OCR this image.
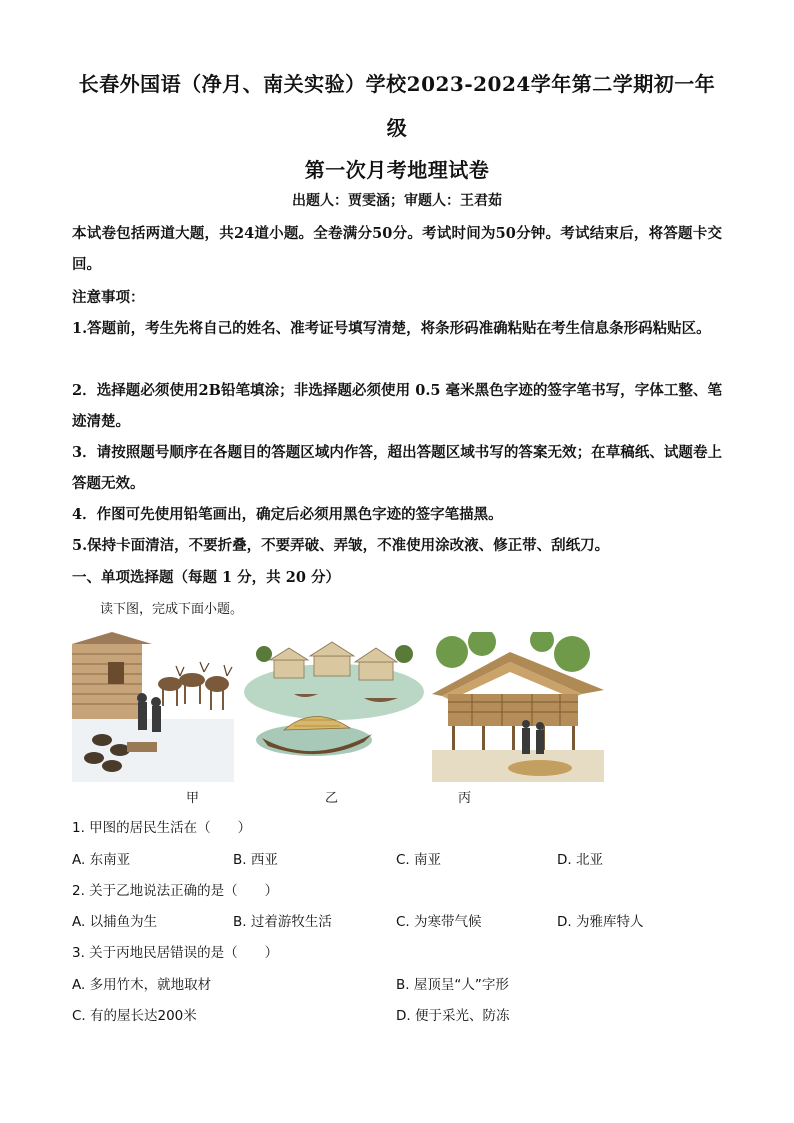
长春外国语（净月、南关实验）学校2023-2024学年第二学期初一年
级
第一次月考地理试卷
出题人：贾雯涵；审题人：王君茹
本试卷包括两道大题，共24道小题。全卷满分50分。考试时间为50分钟。考试结束后，将答题卡交回。
注意事项：
1.答题前，考生先将自己的姓名、准考证号填写清楚，将条形码准确粘贴在考生信息条形码粘贴区。
2．选择题必须使用2B铅笔填涂；非选择题必须使用 0.5 毫米黑色字迹的签字笔书写，字体工整、笔迹清楚。
3．请按照题号顺序在各题目的答题区域内作答，超出答题区域书写的答案无效；在草稿纸、试题卷上答题无效。
4．作图可先使用铅笔画出，确定后必须用黑色字迹的签字笔描黑。
5.保持卡面清洁，不要折叠，不要弄破、弄皱，不准使用涂改液、修正带、刮纸刀。
一、单项选择题（每题 1 分，共 20 分）
读下图，完成下面小题。
甲	乙	丙
1. 甲图的居民生活在（　　）
A. 东南亚	B. 西亚	C. 南亚	D. 北亚
2. 关于乙地说法正确的是（　　）
A. 以捕鱼为生	B. 过着游牧生活	C. 为寒带气候	D. 为雅库特人
3. 关于丙地民居错误的是（　　）
A. 多用竹木，就地取材	B. 屋顶呈“人”字形
C. 有的屋长达200米	D. 便于采光、防冻
